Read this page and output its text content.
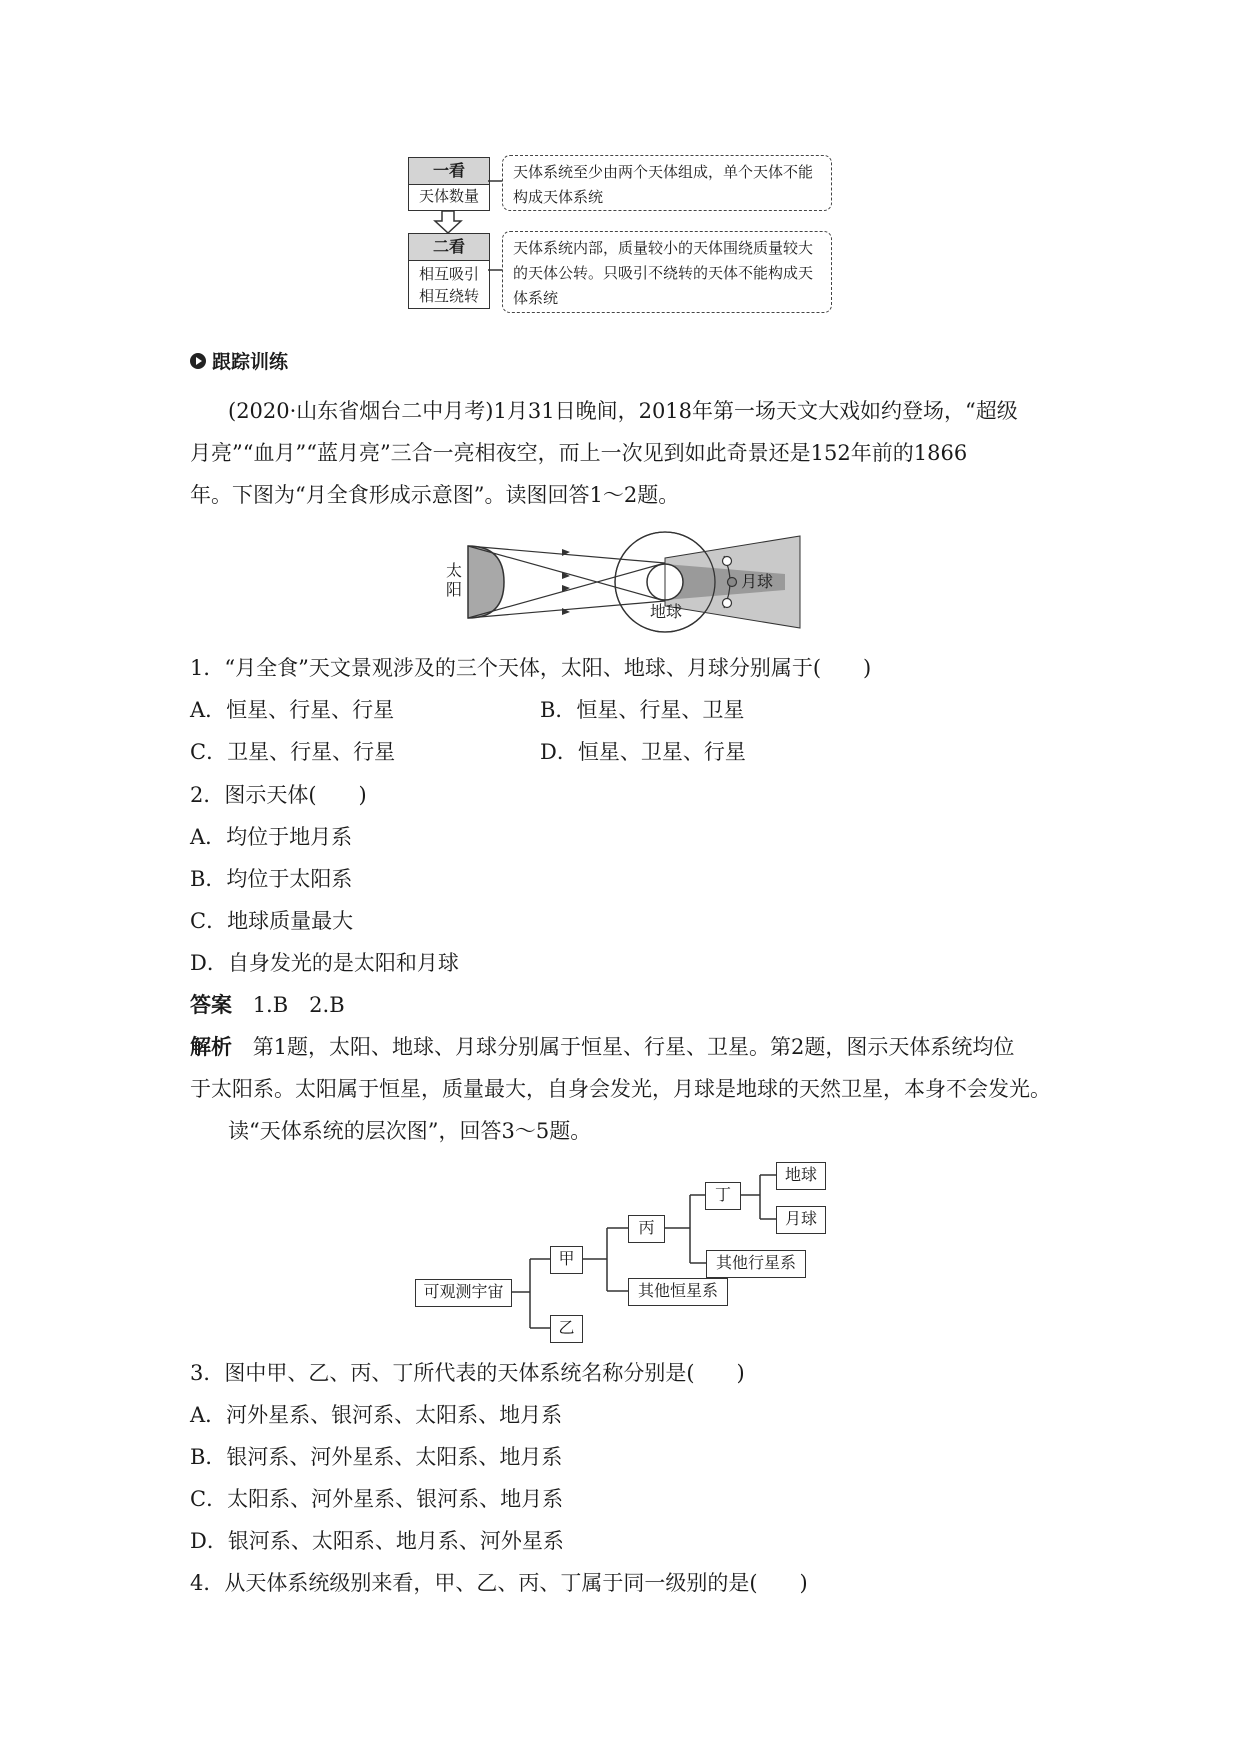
一看
天体数量
二看
相互吸引
相互绕转
天体系统至少由两个天体组成，单个天体不能构成天体系统
天体系统内部，质量较小的天体围绕质量较大的天体公转。只吸引不绕转的天体不能构成天体系统
跟踪训练
(2020·山东省烟台二中月考)1月31日晚间，2018年第一场天文大戏如约登场，“超级
月亮”“血月”“蓝月亮”三合一亮相夜空，而上一次见到如此奇景还是152年前的1866
年。下图为“月全食形成示意图”。读图回答1～2题。
太阳
地球
月球
1．“月全食”天文景观涉及的三个天体，太阳、地球、月球分别属于(　　)
A．恒星、行星、行星	B．恒星、行星、卫星
C．卫星、行星、行星	D．恒星、卫星、行星
2．图示天体(　　)
A．均位于地月系
B．均位于太阳系
C．地球质量最大
D．自身发光的是太阳和月球
答案 1.B　2.B
解析 第1题，太阳、地球、月球分别属于恒星、行星、卫星。第2题，图示天体系统均位
于太阳系。太阳属于恒星，质量最大，自身会发光，月球是地球的天然卫星，本身不会发光。
读“天体系统的层次图”，回答3～5题。
可观测宇宙
甲
乙
丙
其他恒星系
丁
其他行星系
地球
月球
3．图中甲、乙、丙、丁所代表的天体系统名称分别是(　　)
A．河外星系、银河系、太阳系、地月系
B．银河系、河外星系、太阳系、地月系
C．太阳系、河外星系、银河系、地月系
D．银河系、太阳系、地月系、河外星系
4．从天体系统级别来看，甲、乙、丙、丁属于同一级别的是(　　)
